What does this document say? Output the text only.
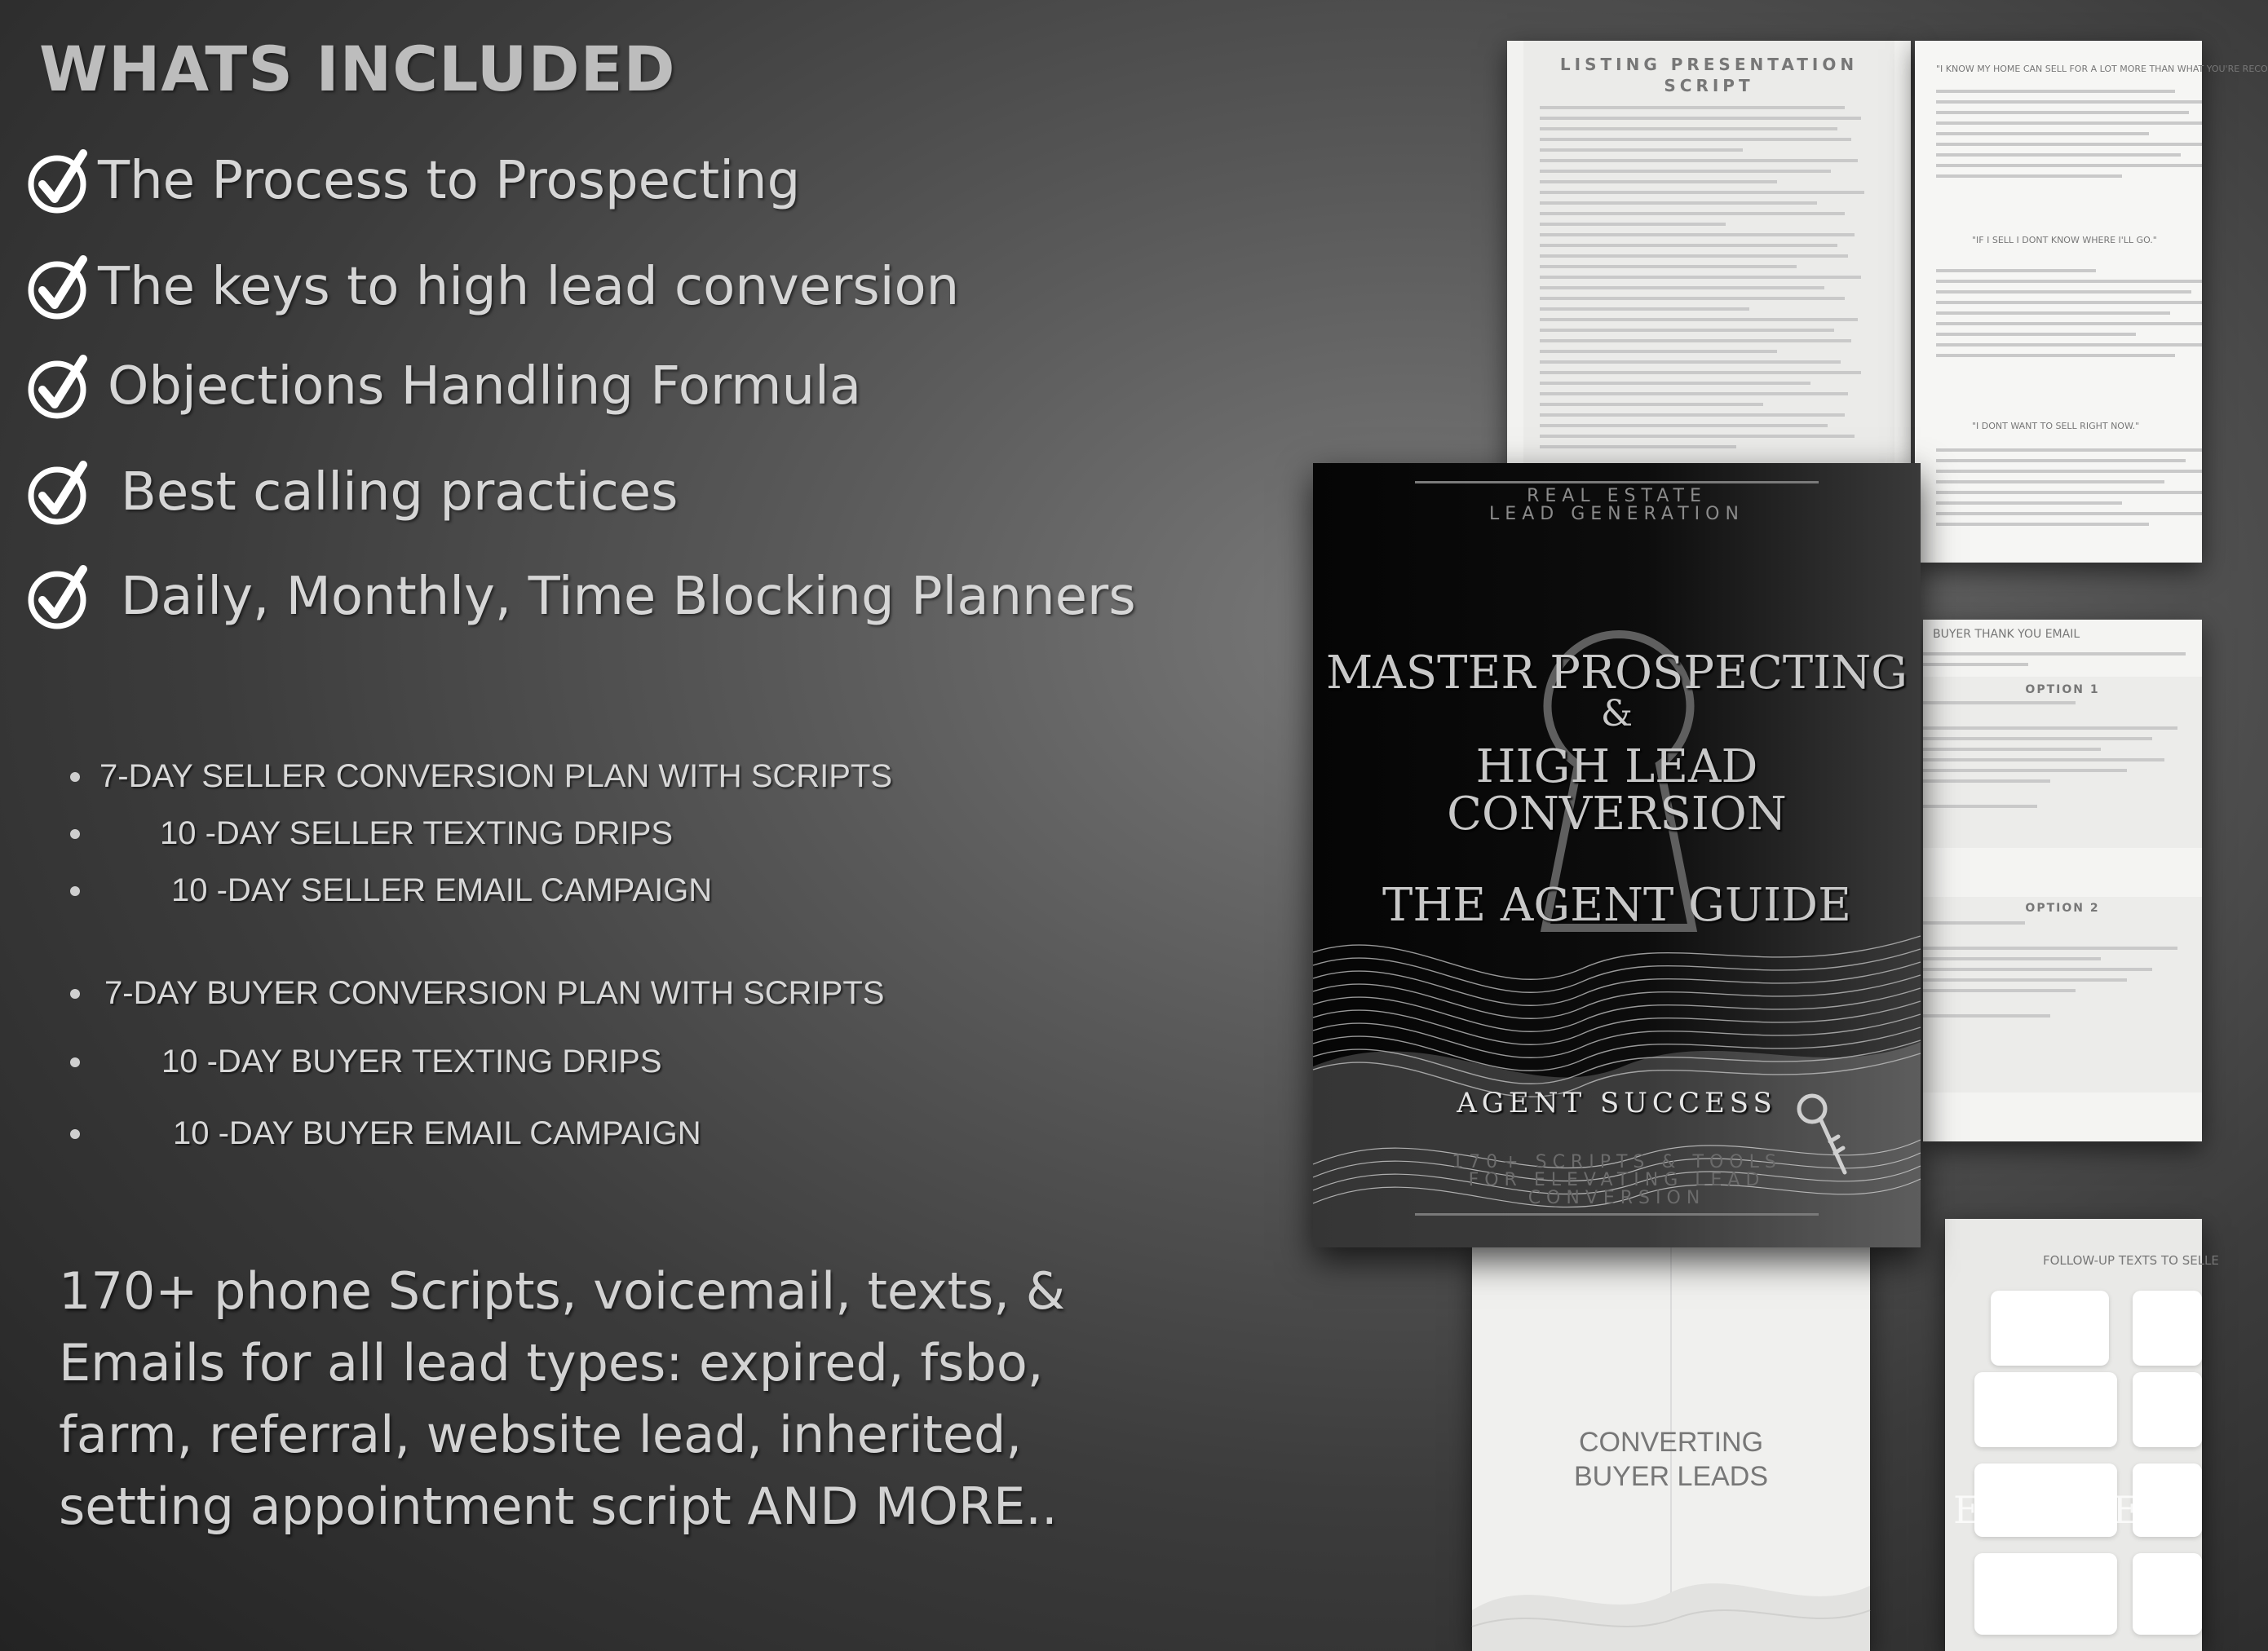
WHATS INCLUDED
The Process to Prospecting
The keys to high lead conversion
Objections Handling Formula
Best calling practices
Daily, Monthly, Time Blocking Planners
7-DAY SELLER CONVERSION PLAN WITH SCRIPTS
10 -DAY SELLER TEXTING DRIPS
10 -DAY SELLER EMAIL CAMPAIGN
7-DAY BUYER CONVERSION PLAN WITH SCRIPTS
10 -DAY BUYER TEXTING DRIPS
10 -DAY BUYER EMAIL CAMPAIGN
170+ phone Scripts, voicemail, texts, &
Emails for all lead types: expired, fsbo,
farm, referral, website lead, inherited,
setting appointment script AND MORE..
LISTING PRESENTATION
SCRIPT
"I KNOW MY HOME CAN SELL FOR A LOT MORE THAN WHAT YOU'RE RECO
"IF I SELL I DONT KNOW WHERE I'LL GO."
"I DONT WANT TO SELL RIGHT NOW."
BUYER THANK YOU EMAIL
OPTION 1
OPTION 2
CONVERTING
BUYER LEADS
FOLLOW-UP TEXTS TO SELLE
ELEVATED
REAL ESTATE
LEAD GENERATION
MASTER PROSPECTING
&
HIGH LEAD
CONVERSION
THE AGENT GUIDE
AGENT SUCCESS
170+ SCRIPTS & TOOLS
FOR ELEVATING LEAD
CONVERSION
